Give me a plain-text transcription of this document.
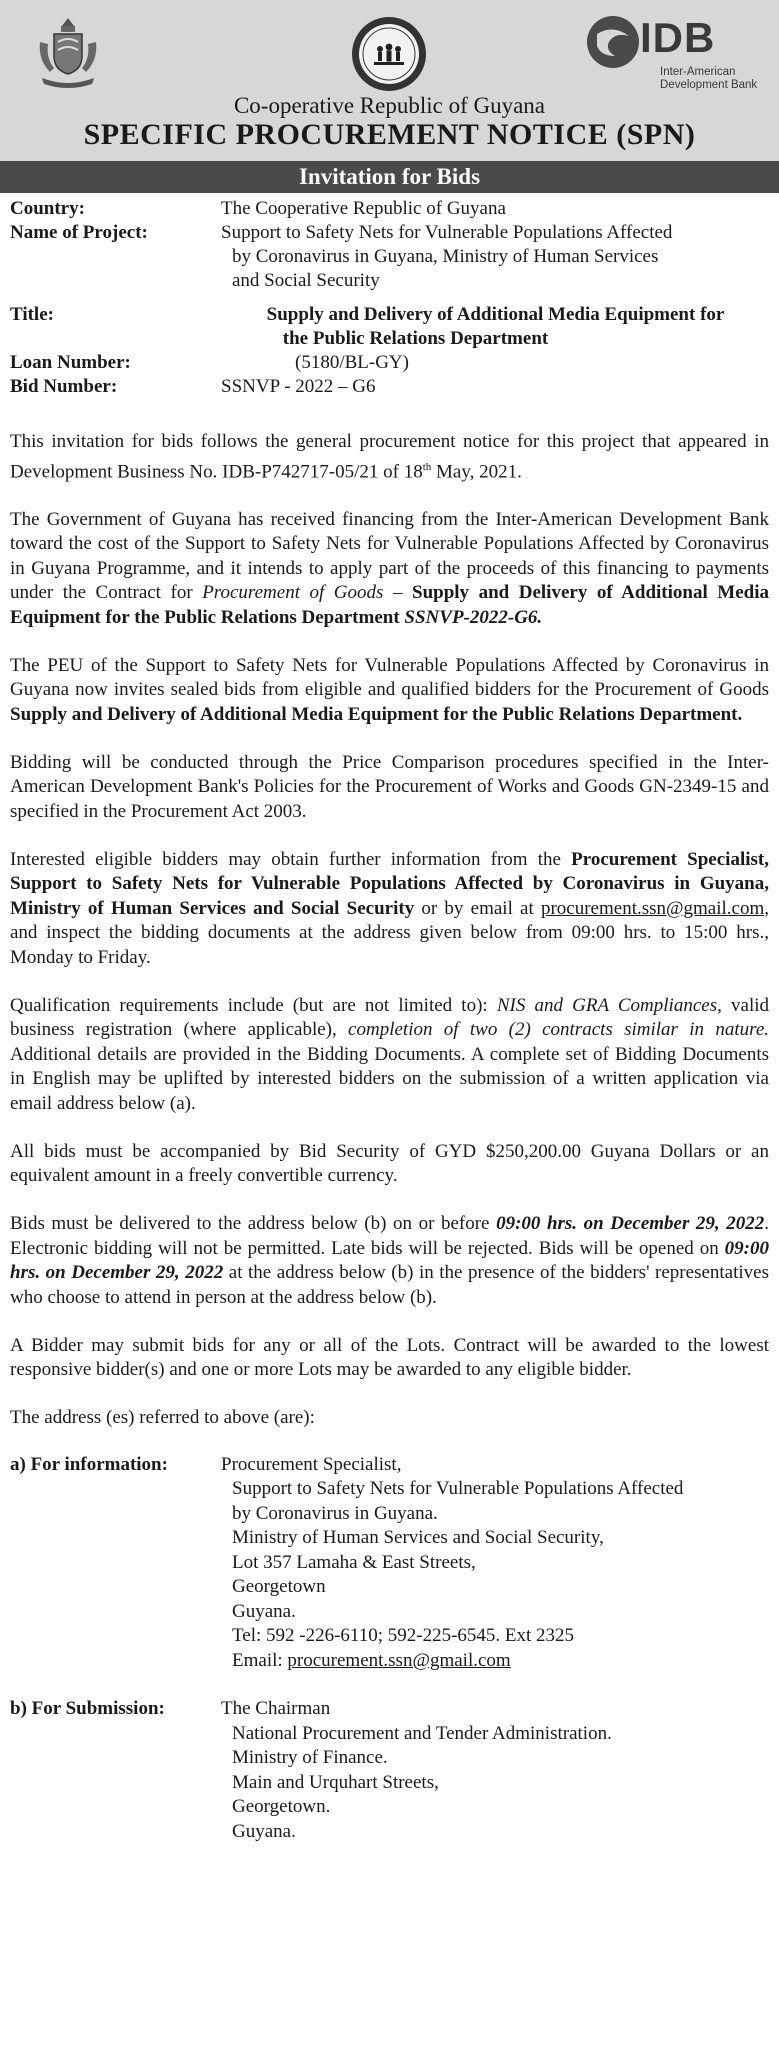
IDB
Inter-American
Development Bank
Co-operative Republic of Guyana
SPECIFIC PROCUREMENT NOTICE (SPN)
Invitation for Bids
Country:	The Cooperative Republic of Guyana
Name of Project:	Support to Safety Nets for Vulnerable Populations Affected
by Coronavirus in Guyana, Ministry of Human Services
and Social Security
Title:	Supply and Delivery of Additional Media Equipment for
the Public Relations Department
Loan Number:	(5180/BL-GY)
Bid Number:	SSNVP - 2022 – G6

This invitation for bids follows the general procurement notice for this project that appeared in Development Business No. IDB-P742717-05/21 of 18th May, 2021.

The Government of Guyana has received financing from the Inter-American Development Bank toward the cost of the Support to Safety Nets for Vulnerable Populations Affected by Coronavirus in Guyana Programme, and it intends to apply part of the proceeds of this financing to payments under the Contract for Procurement of Goods – Supply and Delivery of Additional Media Equipment for the Public Relations Department SSNVP-2022-G6.

The PEU of the Support to Safety Nets for Vulnerable Populations Affected by Coronavirus in Guyana now invites sealed bids from eligible and qualified bidders for the Procurement of Goods Supply and Delivery of Additional Media Equipment for the Public Relations Department.

Bidding will be conducted through the Price Comparison procedures specified in the Inter-American Development Bank's Policies for the Procurement of Works and Goods GN-2349-15 and specified in the Procurement Act 2003.

Interested eligible bidders may obtain further information from the Procurement Specialist, Support to Safety Nets for Vulnerable Populations Affected by Coronavirus in Guyana, Ministry of Human Services and Social Security or by email at procurement.ssn@gmail.com, and inspect the bidding documents at the address given below from 09:00 hrs. to 15:00 hrs., Monday to Friday.

Qualification requirements include (but are not limited to): NIS and GRA Compliances, valid business registration (where applicable), completion of two (2) contracts similar in nature. Additional details are provided in the Bidding Documents. A complete set of Bidding Documents in English may be uplifted by interested bidders on the submission of a written application via email address below (a).

All bids must be accompanied by Bid Security of GYD $250,200.00 Guyana Dollars or an equivalent amount in a freely convertible currency.

Bids must be delivered to the address below (b) on or before 09:00 hrs. on December 29, 2022. Electronic bidding will not be permitted. Late bids will be rejected. Bids will be opened on 09:00 hrs. on December 29, 2022 at the address below (b) in the presence of the bidders' representatives who choose to attend in person at the address below (b).

A Bidder may submit bids for any or all of the Lots. Contract will be awarded to the lowest responsive bidder(s) and one or more Lots may be awarded to any eligible bidder.

The address (es) referred to above (are):

a) For information:	Procurement Specialist,
Support to Safety Nets for Vulnerable Populations Affected
by Coronavirus in Guyana.
Ministry of Human Services and Social Security,
Lot 357 Lamaha & East Streets,
Georgetown
Guyana.
Tel: 592 -226-6110; 592-225-6545. Ext 2325
Email: procurement.ssn@gmail.com
b) For Submission:	The Chairman
National Procurement and Tender Administration.
Ministry of Finance.
Main and Urquhart Streets,
Georgetown.
Guyana.
